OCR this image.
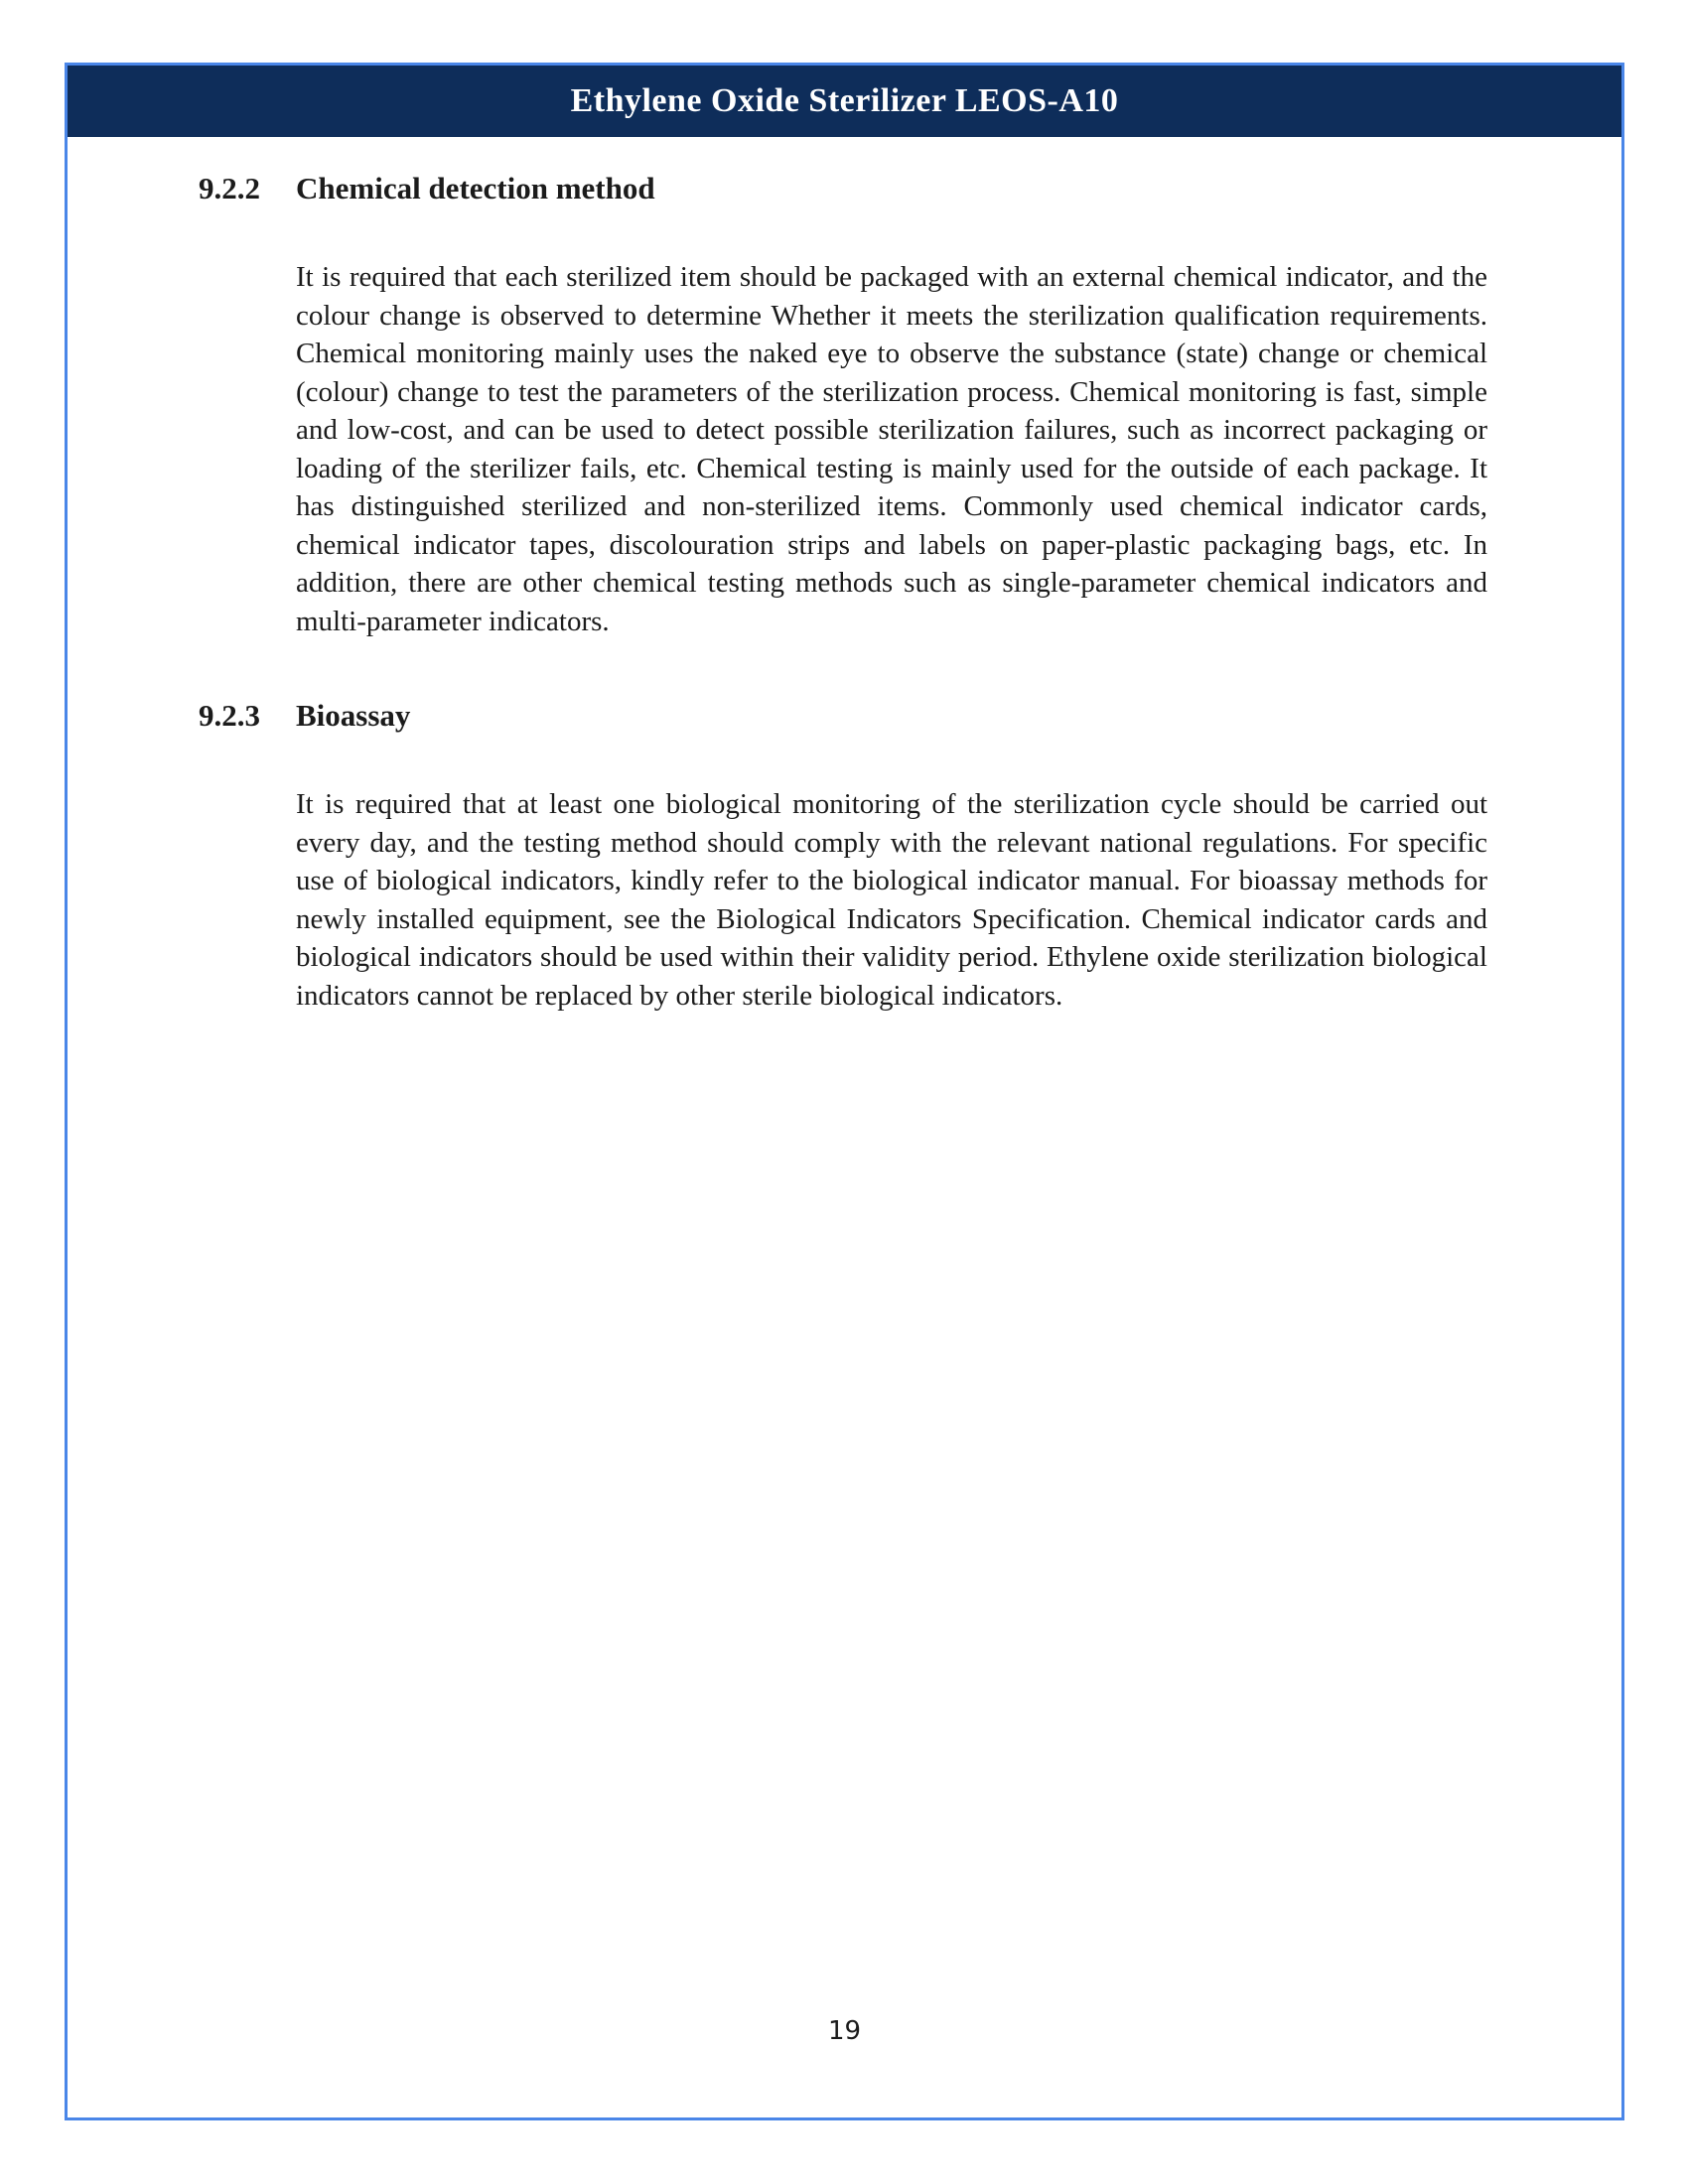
Ethylene Oxide Sterilizer LEOS-A10
9.2.2	Chemical detection method

It is required that each sterilized item should be packaged with an external chemical indicator, and the colour change is observed to determine Whether it meets the sterilization qualification requirements. Chemical monitoring mainly uses the naked eye to observe the substance (state) change or chemical (colour) change to test the parameters of the sterilization process. Chemical monitoring is fast, simple and low-cost, and can be used to detect possible sterilization failures, such as incorrect packaging or loading of the sterilizer fails, etc. Chemical testing is mainly used for the outside of each package. It has distinguished sterilized and non-sterilized items. Commonly used chemical indicator cards, chemical indicator tapes, discolouration strips and labels on paper-plastic packaging bags, etc. In addition, there are other chemical testing methods such as single-parameter chemical indicators and multi-parameter indicators.

9.2.3	Bioassay

It is required that at least one biological monitoring of the sterilization cycle should be carried out every day, and the testing method should comply with the relevant national regulations. For specific use of biological indicators, kindly refer to the biological indicator manual. For bioassay methods for newly installed equipment, see the Biological Indicators Specification. Chemical indicator cards and biological indicators should be used within their validity period. Ethylene oxide sterilization biological indicators cannot be replaced by other sterile biological indicators.

19
